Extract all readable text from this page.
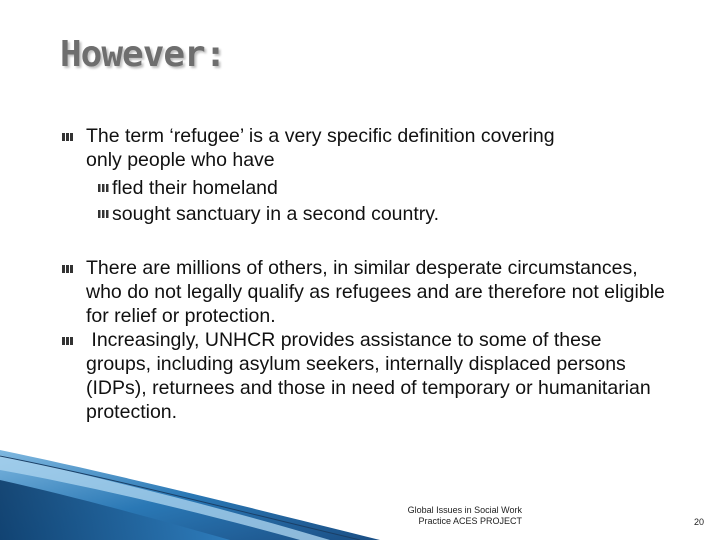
However:
The term ‘refugee’ is a very specific definition covering only people who have
fled their homeland
sought sanctuary in a second country.
There are millions of others, in similar desperate circumstances, who do not legally qualify as refugees and are therefore not eligible for relief or protection.
Increasingly, UNHCR provides assistance to some of these groups, including asylum seekers, internally displaced persons (IDPs), returnees and those in need of temporary or humanitarian protection.
Global Issues in Social Work
Practice ACES PROJECT	20
